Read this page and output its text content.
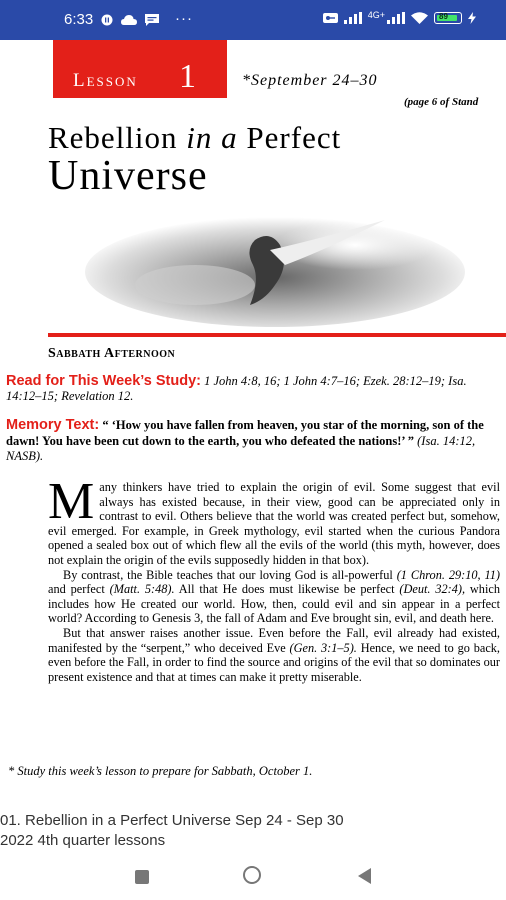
6:33	···	4G+	89
Lesson 1	*September 24–30
(page 6 of Stand
Rebellion in a Perfect
Universe
Sabbath Afternoon
Read for This Week’s Study: 1 John 4:8, 16; 1 John 4:7–16; Ezek. 28:12–19; Isa. 14:12–15; Revelation 12.
Memory Text: “ ‘How you have fallen from heaven, you star of the morning, son of the dawn! You have been cut down to the earth, you who defeated the nations!’ ” (Isa. 14:12, NASB).

Many thinkers have tried to explain the origin of evil. Some suggest that evil always has existed because, in their view, good can be appreciated only in contrast to evil. Others believe that the world was created perfect but, somehow, evil emerged. For example, in Greek mythology, evil started when the curious Pandora opened a sealed box out of which flew all the evils of the world (this myth, however, does not explain the origin of the evils supposedly hidden in that box).

By contrast, the Bible teaches that our loving God is all-powerful (1 Chron. 29:10, 11) and perfect (Matt. 5:48). All that He does must likewise be perfect (Deut. 32:4), which includes how He created our world. How, then, could evil and sin appear in a perfect world? According to Genesis 3, the fall of Adam and Eve brought sin, evil, and death here.

But that answer raises another issue. Even before the Fall, evil already had existed, manifested by the “serpent,” who deceived Eve (Gen. 3:1–5). Hence, we need to go back, even before the Fall, in order to find the source and origins of the evil that so dominates our present existence and that at times can make it pretty miserable.

* Study this week’s lesson to prepare for Sabbath, October 1.
01. Rebellion in a Perfect Universe Sep 24 - Sep 30
2022 4th quarter lessons
